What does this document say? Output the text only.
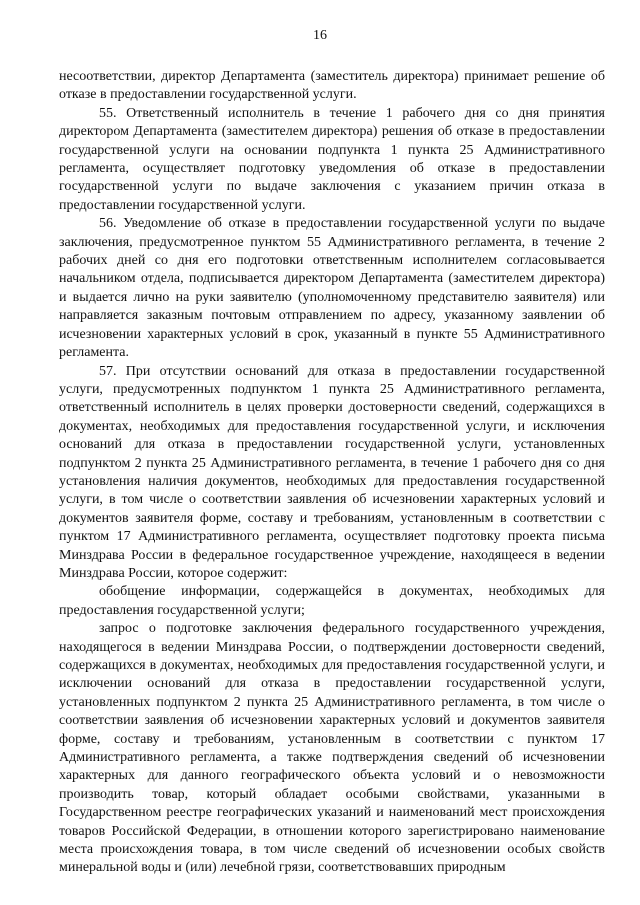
16

несоответствии, директор Департамента (заместитель директора) принимает решение об отказе в предоставлении государственной услуги.

55. Ответственный исполнитель в течение 1 рабочего дня со дня принятия директором Департамента (заместителем директора) решения об отказе в предоставлении государственной услуги на основании подпункта 1 пункта 25 Административного регламента, осуществляет подготовку уведомления об отказе в предоставлении государственной услуги по выдаче заключения с указанием причин отказа в предоставлении государственной услуги.

56. Уведомление об отказе в предоставлении государственной услуги по выдаче заключения, предусмотренное пунктом 55 Административного регламента, в течение 2 рабочих дней со дня его подготовки ответственным исполнителем согласовывается начальником отдела, подписывается директором Департамента (заместителем директора) и выдается лично на руки заявителю (уполномоченному представителю заявителя) или направляется заказным почтовым отправлением по адресу, указанному заявлении об исчезновении характерных условий в срок, указанный в пункте 55 Административного регламента.

57. При отсутствии оснований для отказа в предоставлении государственной услуги, предусмотренных подпунктом 1 пункта 25 Административного регламента, ответственный исполнитель в целях проверки достоверности сведений, содержащихся в документах, необходимых для предоставления государственной услуги, и исключения оснований для отказа в предоставлении государственной услуги, установленных подпунктом 2 пункта 25 Административного регламента, в течение 1 рабочего дня со дня установления наличия документов, необходимых для предоставления государственной услуги, в том числе о соответствии заявления об исчезновении характерных условий и документов заявителя форме, составу и требованиям, установленным в соответствии с пунктом 17 Административного регламента, осуществляет подготовку проекта письма Минздрава России в федеральное государственное учреждение, находящееся в ведении Минздрава России, которое содержит:

обобщение информации, содержащейся в документах, необходимых для предоставления государственной услуги;

запрос о подготовке заключения федерального государственного учреждения, находящегося в ведении Минздрава России, о подтверждении достоверности сведений, содержащихся в документах, необходимых для предоставления государственной услуги, и исключении оснований для отказа в предоставлении государственной услуги, установленных подпунктом 2 пункта 25 Административного регламента, в том числе о соответствии заявления об исчезновении характерных условий и документов заявителя форме, составу и требованиям, установленным в соответствии с пунктом 17 Административного регламента, а также подтверждения сведений об исчезновении характерных для данного географического объекта условий и о невозможности производить товар, который обладает особыми свойствами, указанными в Государственном реестре географических указаний и наименований мест происхождения товаров Российской Федерации, в отношении которого зарегистрировано наименование места происхождения товара, в том числе сведений об исчезновении особых свойств минеральной воды и (или) лечебной грязи, соответствовавших природным
